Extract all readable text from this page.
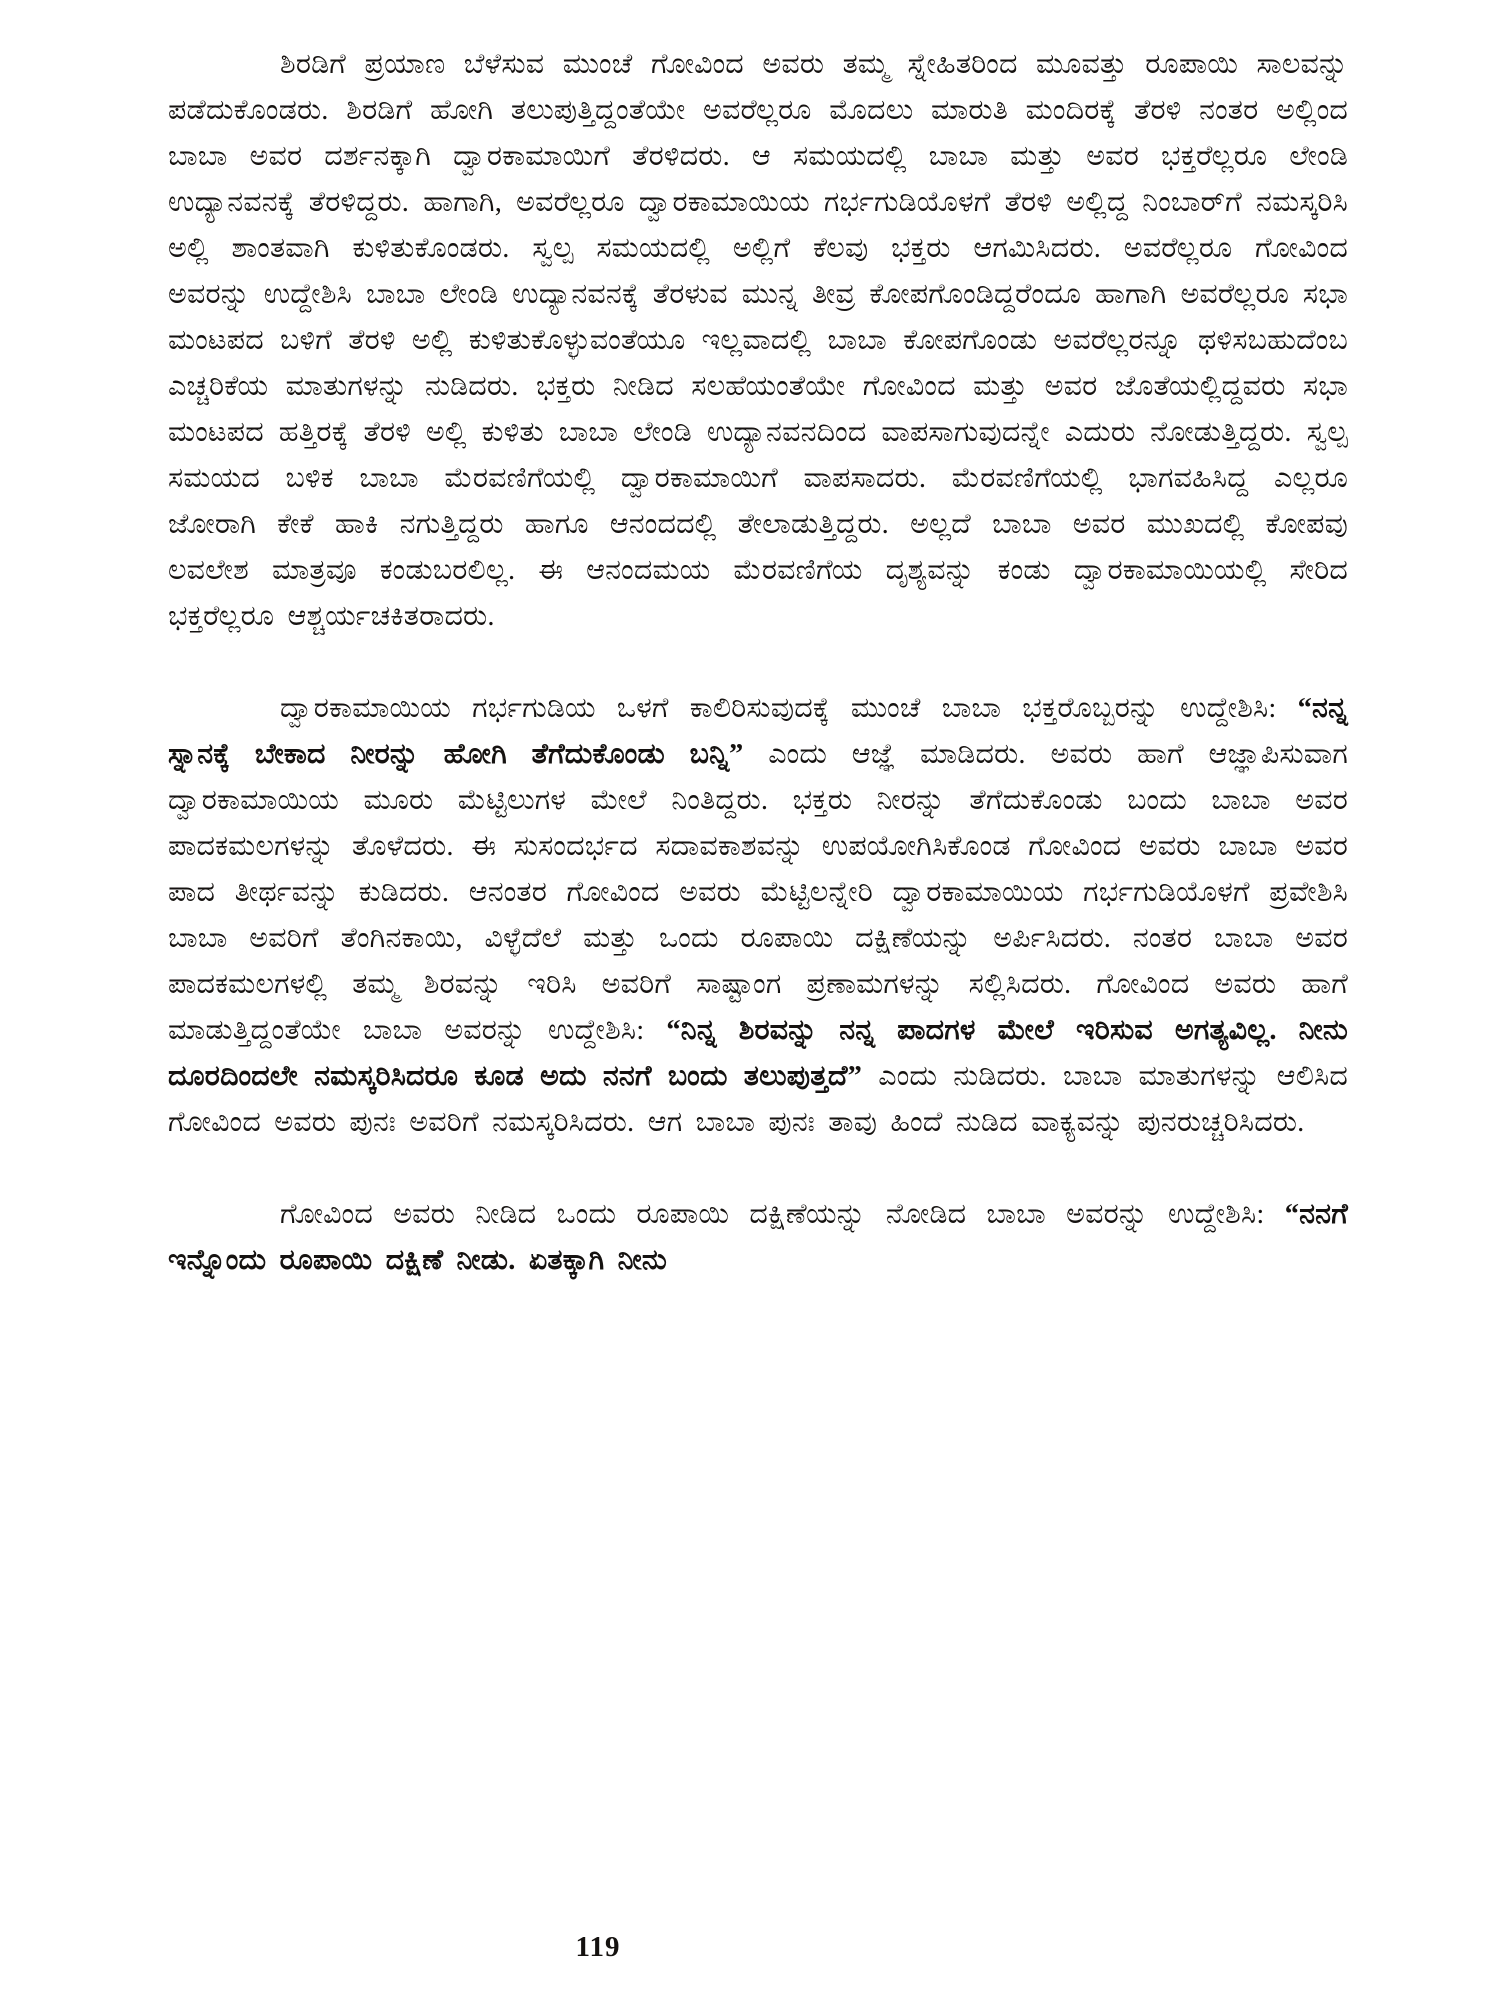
ಶಿರಡಿಗೆ ಪ್ರಯಾಣ ಬೆಳೆಸುವ ಮುಂಚೆ ಗೋವಿಂದ ಅವರು ತಮ್ಮ ಸ್ನೇಹಿತರಿಂದ ಮೂವತ್ತು ರೂಪಾಯಿ ಸಾಲವನ್ನು ಪಡೆದುಕೊಂಡರು. ಶಿರಡಿಗೆ ಹೋಗಿ ತಲುಪುತ್ತಿದ್ದಂತೆಯೇ ಅವರೆಲ್ಲರೂ ಮೊದಲು ಮಾರುತಿ ಮಂದಿರಕ್ಕೆ ತೆರಳಿ ನಂತರ ಅಲ್ಲಿಂದ ಬಾಬಾ ಅವರ ದರ್ಶನಕ್ಕಾಗಿ ದ್ವಾರಕಾಮಾಯಿಗೆ ತೆರಳಿದರು. ಆ ಸಮಯದಲ್ಲಿ ಬಾಬಾ ಮತ್ತು ಅವರ ಭಕ್ತರೆಲ್ಲರೂ ಲೇಂಡಿ ಉದ್ಯಾನವನಕ್ಕೆ ತೆರಳಿದ್ದರು. ಹಾಗಾಗಿ, ಅವರೆಲ್ಲರೂ ದ್ವಾರಕಾಮಾಯಿಯ ಗರ್ಭಗುಡಿಯೊಳಗೆ ತೆರಳಿ ಅಲ್ಲಿದ್ದ ನಿಂಬಾರ್‌ಗೆ ನಮಸ್ಕರಿಸಿ ಅಲ್ಲಿ ಶಾಂತವಾಗಿ ಕುಳಿತುಕೊಂಡರು. ಸ್ವಲ್ಪ ಸಮಯದಲ್ಲಿ ಅಲ್ಲಿಗೆ ಕೆಲವು ಭಕ್ತರು ಆಗಮಿಸಿದರು. ಅವರೆಲ್ಲರೂ ಗೋವಿಂದ ಅವರನ್ನು ಉದ್ದೇಶಿಸಿ ಬಾಬಾ ಲೇಂಡಿ ಉದ್ಯಾನವನಕ್ಕೆ ತೆರಳುವ ಮುನ್ನ ತೀವ್ರ ಕೋಪಗೊಂಡಿದ್ದರೆಂದೂ ಹಾಗಾಗಿ ಅವರೆಲ್ಲರೂ ಸಭಾ ಮಂಟಪದ ಬಳಿಗೆ ತೆರಳಿ ಅಲ್ಲಿ ಕುಳಿತುಕೊಳ್ಳುವಂತೆಯೂ ಇಲ್ಲವಾದಲ್ಲಿ ಬಾಬಾ ಕೋಪಗೊಂಡು ಅವರೆಲ್ಲರನ್ನೂ ಥಳಿಸಬಹುದೆಂಬ ಎಚ್ಚರಿಕೆಯ ಮಾತುಗಳನ್ನು ನುಡಿದರು. ಭಕ್ತರು ನೀಡಿದ ಸಲಹೆಯಂತೆಯೇ ಗೋವಿಂದ ಮತ್ತು ಅವರ ಜೊತೆಯಲ್ಲಿದ್ದವರು ಸಭಾ ಮಂಟಪದ ಹತ್ತಿರಕ್ಕೆ ತೆರಳಿ ಅಲ್ಲಿ ಕುಳಿತು ಬಾಬಾ ಲೇಂಡಿ ಉದ್ಯಾನವನದಿಂದ ವಾಪಸಾಗುವುದನ್ನೇ ಎದುರು ನೋಡುತ್ತಿದ್ದರು. ಸ್ವಲ್ಪ ಸಮಯದ ಬಳಿಕ ಬಾಬಾ ಮೆರವಣಿಗೆಯಲ್ಲಿ ದ್ವಾರಕಾಮಾಯಿಗೆ ವಾಪಸಾದರು. ಮೆರವಣಿಗೆಯಲ್ಲಿ ಭಾಗವಹಿಸಿದ್ದ ಎಲ್ಲರೂ ಜೋರಾಗಿ ಕೇಕೆ ಹಾಕಿ ನಗುತ್ತಿದ್ದರು ಹಾಗೂ ಆನಂದದಲ್ಲಿ ತೇಲಾಡುತ್ತಿದ್ದರು. ಅಲ್ಲದೆ ಬಾಬಾ ಅವರ ಮುಖದಲ್ಲಿ ಕೋಪವು ಲವಲೇಶ ಮಾತ್ರವೂ ಕಂಡುಬರಲಿಲ್ಲ. ಈ ಆನಂದಮಯ ಮೆರವಣಿಗೆಯ ದೃಶ್ಯವನ್ನು ಕಂಡು ದ್ವಾರಕಾಮಾಯಿಯಲ್ಲಿ ಸೇರಿದ ಭಕ್ತರೆಲ್ಲರೂ ಆಶ್ಚರ್ಯಚಕಿತರಾದರು.

ದ್ವಾರಕಾಮಾಯಿಯ ಗರ್ಭಗುಡಿಯ ಒಳಗೆ ಕಾಲಿರಿಸುವುದಕ್ಕೆ ಮುಂಚೆ ಬಾಬಾ ಭಕ್ತರೊಬ್ಬರನ್ನು ಉದ್ದೇಶಿಸಿ: “ನನ್ನ ಸ್ನಾನಕ್ಕೆ ಬೇಕಾದ ನೀರನ್ನು ಹೋಗಿ ತೆಗೆದುಕೊಂಡು ಬನ್ನಿ” ಎಂದು ಆಜ್ಞೆ ಮಾಡಿದರು. ಅವರು ಹಾಗೆ ಆಜ್ಞಾಪಿಸುವಾಗ ದ್ವಾರಕಾಮಾಯಿಯ ಮೂರು ಮೆಟ್ಟಿಲುಗಳ ಮೇಲೆ ನಿಂತಿದ್ದರು. ಭಕ್ತರು ನೀರನ್ನು ತೆಗೆದುಕೊಂಡು ಬಂದು ಬಾಬಾ ಅವರ ಪಾದಕಮಲಗಳನ್ನು ತೊಳೆದರು. ಈ ಸುಸಂದರ್ಭದ ಸದಾವಕಾಶವನ್ನು ಉಪಯೋಗಿಸಿಕೊಂಡ ಗೋವಿಂದ ಅವರು ಬಾಬಾ ಅವರ ಪಾದ ತೀರ್ಥವನ್ನು ಕುಡಿದರು. ಆನಂತರ ಗೋವಿಂದ ಅವರು ಮೆಟ್ಟಿಲನ್ನೇರಿ ದ್ವಾರಕಾಮಾಯಿಯ ಗರ್ಭಗುಡಿಯೊಳಗೆ ಪ್ರವೇಶಿಸಿ ಬಾಬಾ ಅವರಿಗೆ ತೆಂಗಿನಕಾಯಿ, ವಿಳ್ಳೆದೆಲೆ ಮತ್ತು ಒಂದು ರೂಪಾಯಿ ದಕ್ಷಿಣೆಯನ್ನು ಅರ್ಪಿಸಿದರು. ನಂತರ ಬಾಬಾ ಅವರ ಪಾದಕಮಲಗಳಲ್ಲಿ ತಮ್ಮ ಶಿರವನ್ನು ಇರಿಸಿ ಅವರಿಗೆ ಸಾಷ್ಟಾಂಗ ಪ್ರಣಾಮಗಳನ್ನು ಸಲ್ಲಿಸಿದರು. ಗೋವಿಂದ ಅವರು ಹಾಗೆ ಮಾಡುತ್ತಿದ್ದಂತೆಯೇ ಬಾಬಾ ಅವರನ್ನು ಉದ್ದೇಶಿಸಿ: “ನಿನ್ನ ಶಿರವನ್ನು ನನ್ನ ಪಾದಗಳ ಮೇಲೆ ಇರಿಸುವ ಅಗತ್ಯವಿಲ್ಲ. ನೀನು ದೂರದಿಂದಲೇ ನಮಸ್ಕರಿಸಿದರೂ ಕೂಡ ಅದು ನನಗೆ ಬಂದು ತಲುಪುತ್ತದೆ” ಎಂದು ನುಡಿದರು. ಬಾಬಾ ಮಾತುಗಳನ್ನು ಆಲಿಸಿದ ಗೋವಿಂದ ಅವರು ಪುನಃ ಅವರಿಗೆ ನಮಸ್ಕರಿಸಿದರು. ಆಗ ಬಾಬಾ ಪುನಃ ತಾವು ಹಿಂದೆ ನುಡಿದ ವಾಕ್ಯವನ್ನು ಪುನರುಚ್ಚರಿಸಿದರು.

ಗೋವಿಂದ ಅವರು ನೀಡಿದ ಒಂದು ರೂಪಾಯಿ ದಕ್ಷಿಣೆಯನ್ನು ನೋಡಿದ ಬಾಬಾ ಅವರನ್ನು ಉದ್ದೇಶಿಸಿ: “ನನಗೆ ಇನ್ನೊಂದು ರೂಪಾಯಿ ದಕ್ಷಿಣೆ ನೀಡು. ಏತಕ್ಕಾಗಿ ನೀನು

119
